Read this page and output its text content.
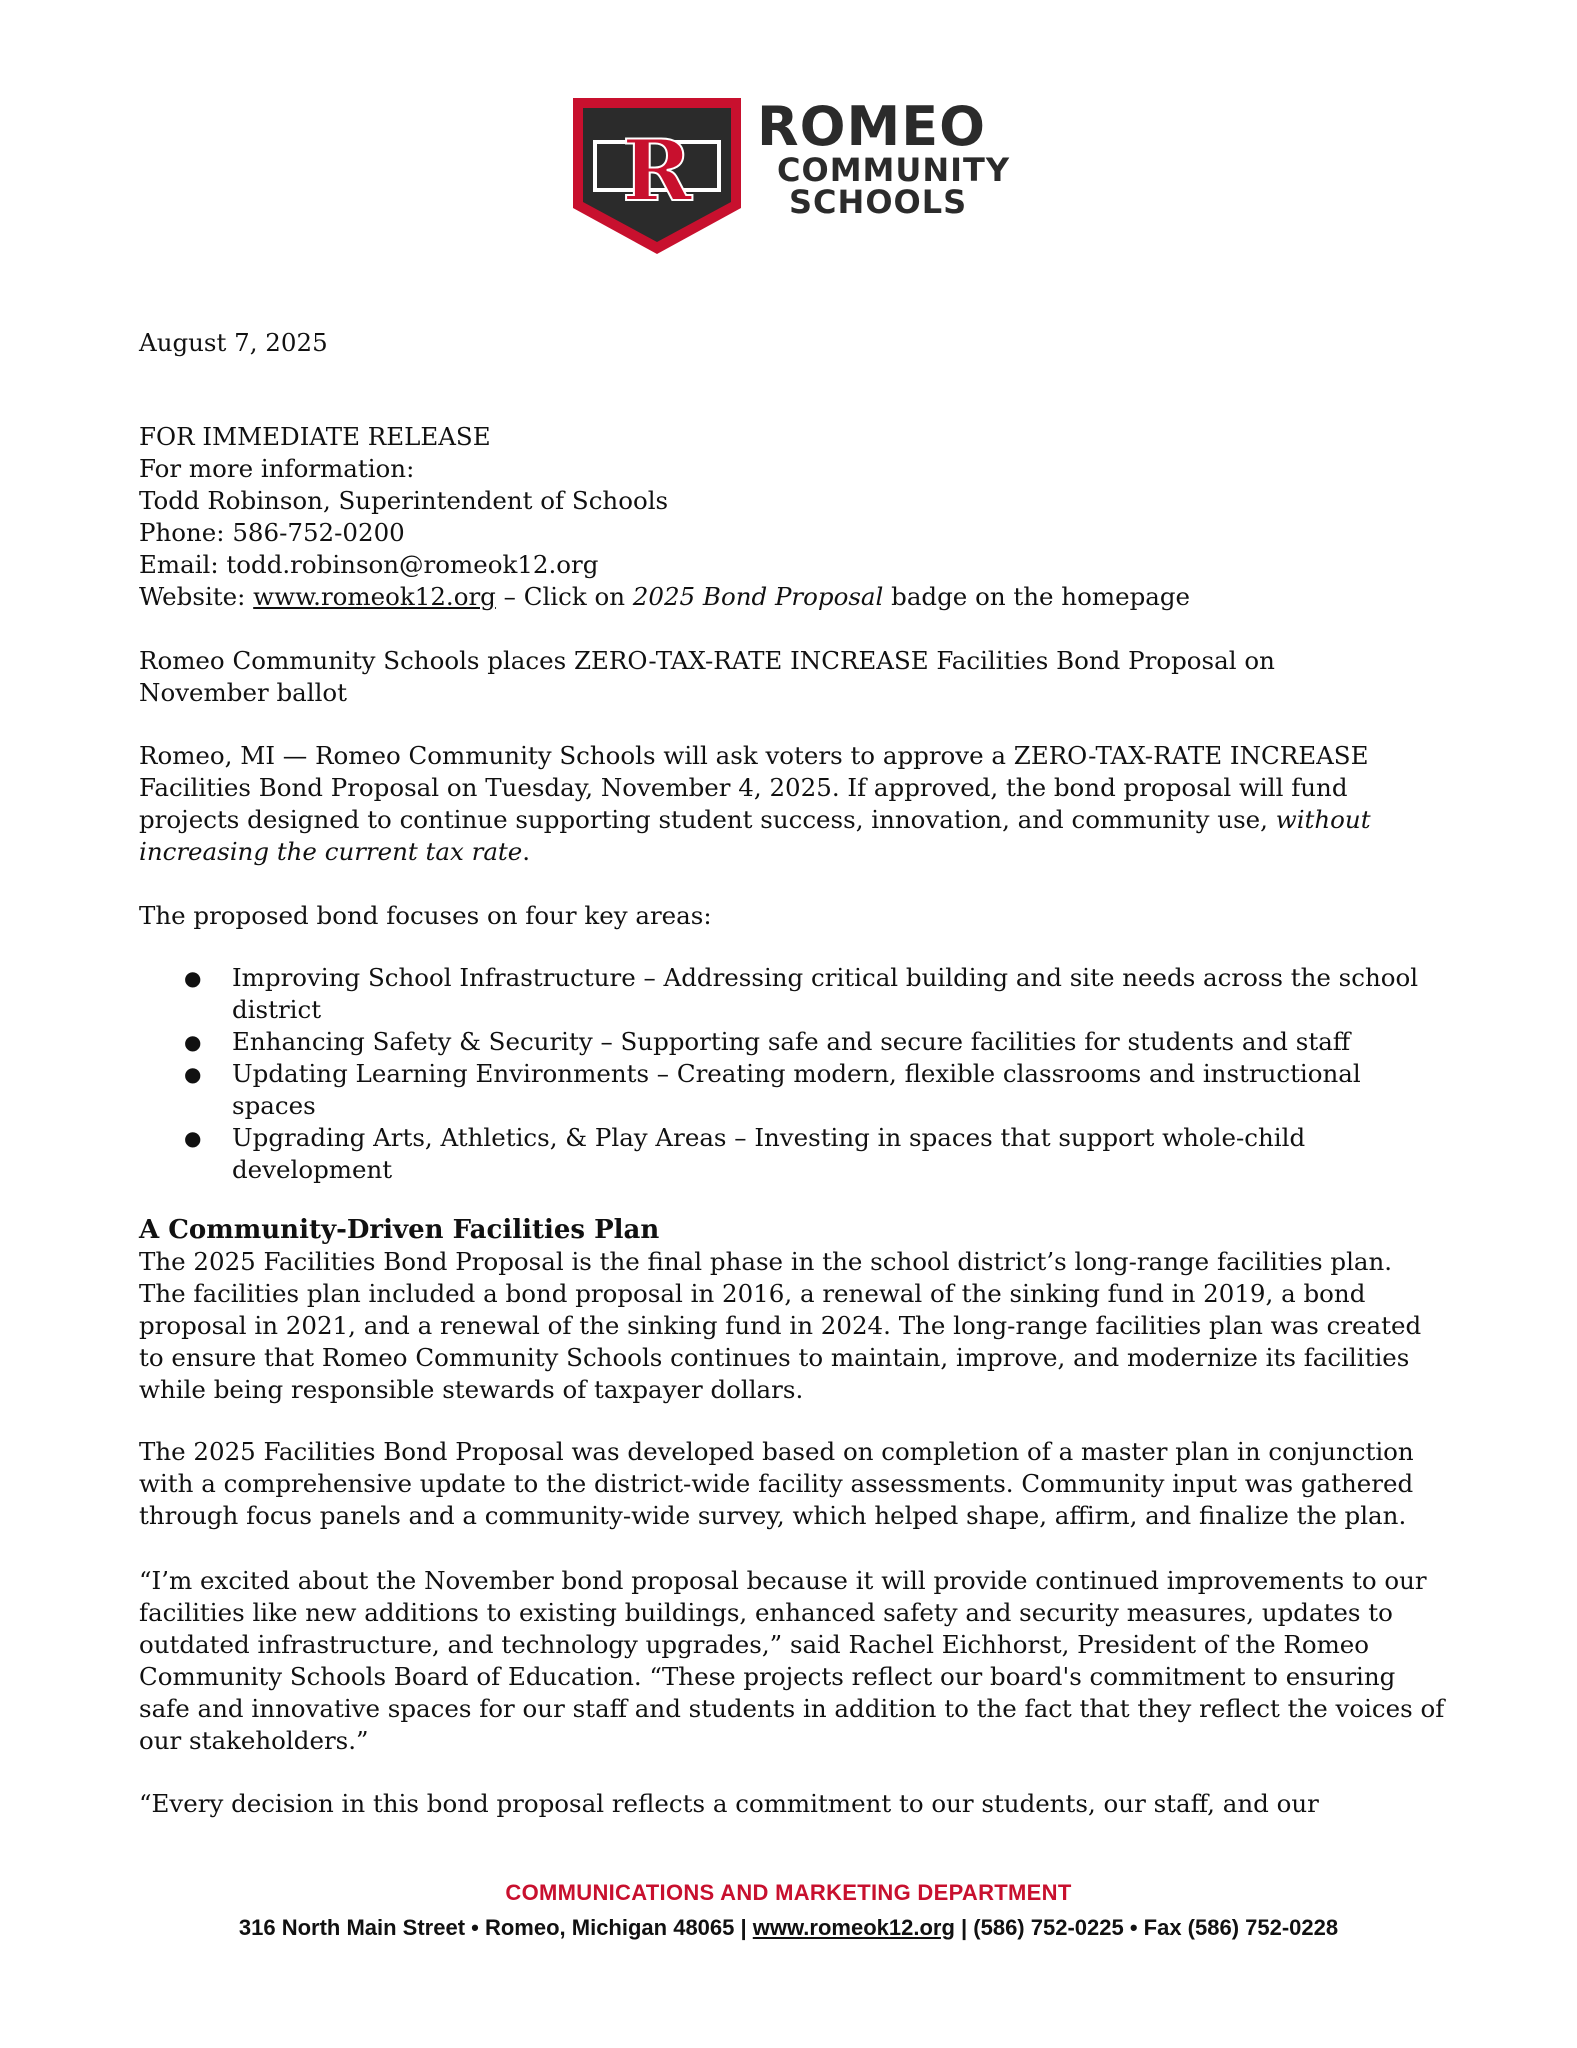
R ROMEO
COMMUNITY
SCHOOLS
August 7, 2025
FOR IMMEDIATE RELEASE
For more information:
Todd Robinson, Superintendent of Schools
Phone: 586-752-0200
Email: todd.robinson@romeok12.org
Website: www.romeok12.org – Click on 2025 Bond Proposal badge on the homepage
Romeo Community Schools places ZERO-TAX-RATE INCREASE Facilities Bond Proposal on
November ballot
Romeo, MI — Romeo Community Schools will ask voters to approve a ZERO-TAX-RATE INCREASE
Facilities Bond Proposal on Tuesday, November 4, 2025. If approved, the bond proposal will fund
projects designed to continue supporting student success, innovation, and community use, without
increasing the current tax rate.
The proposed bond focuses on four key areas:
● Improving School Infrastructure – Addressing critical building and site needs across the school
district
● Enhancing Safety & Security – Supporting safe and secure facilities for students and staff
● Updating Learning Environments – Creating modern, flexible classrooms and instructional
spaces
● Upgrading Arts, Athletics, & Play Areas – Investing in spaces that support whole-child
development
A Community-Driven Facilities Plan
The 2025 Facilities Bond Proposal is the final phase in the school district’s long-range facilities plan.
The facilities plan included a bond proposal in 2016, a renewal of the sinking fund in 2019, a bond
proposal in 2021, and a renewal of the sinking fund in 2024. The long-range facilities plan was created
to ensure that Romeo Community Schools continues to maintain, improve, and modernize its facilities
while being responsible stewards of taxpayer dollars.
The 2025 Facilities Bond Proposal was developed based on completion of a master plan in conjunction
with a comprehensive update to the district-wide facility assessments. Community input was gathered
through focus panels and a community-wide survey, which helped shape, affirm, and finalize the plan.
“I’m excited about the November bond proposal because it will provide continued improvements to our
facilities like new additions to existing buildings, enhanced safety and security measures, updates to
outdated infrastructure, and technology upgrades,” said Rachel Eichhorst, President of the Romeo
Community Schools Board of Education. “These projects reflect our board's commitment to ensuring
safe and innovative spaces for our staff and students in addition to the fact that they reflect the voices of
our stakeholders.”
“Every decision in this bond proposal reflects a commitment to our students, our staff, and our
COMMUNICATIONS AND MARKETING DEPARTMENT
316 North Main Street • Romeo, Michigan 48065 | www.romeok12.org | (586) 752-0225 • Fax (586) 752-0228
